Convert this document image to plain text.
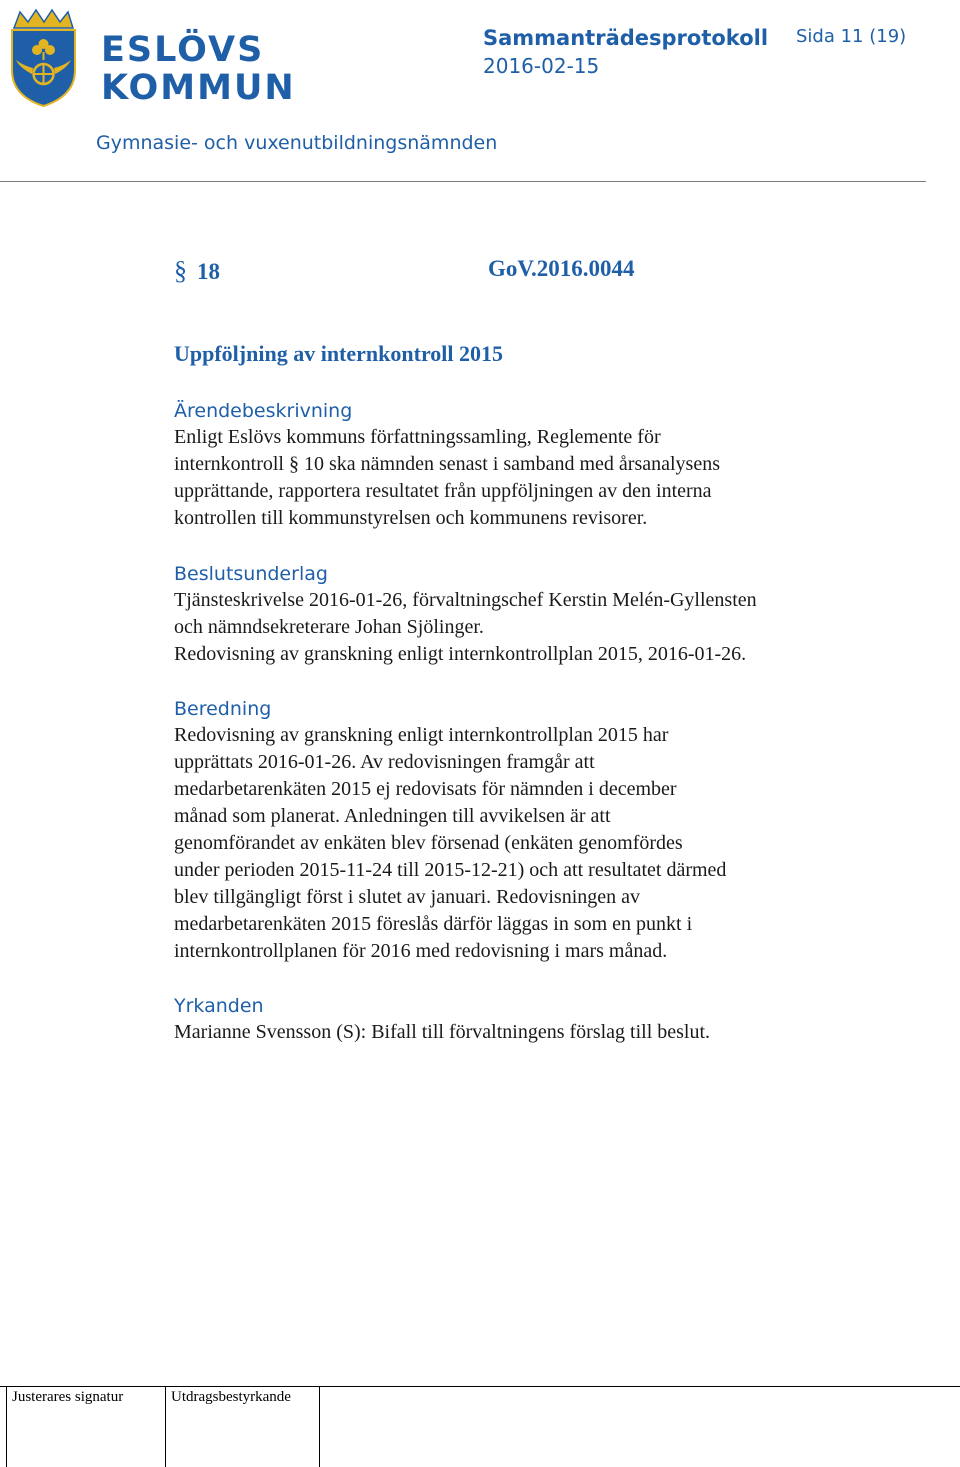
ESLÖVS
KOMMUN
Sammanträdesprotokoll
2016-02-15
Sida 11 (19)
Gymnasie- och vuxenutbildningsnämnden
§ 18	GoV.2016.0044
Uppföljning av internkontroll 2015
Ärendebeskrivning
Enligt Eslövs kommuns författningssamling, Reglemente för
internkontroll § 10 ska nämnden senast i samband med årsanalysens
upprättande, rapportera resultatet från uppföljningen av den interna
kontrollen till kommunstyrelsen och kommunens revisorer.
Beslutsunderlag
Tjänsteskrivelse 2016-01-26, förvaltningschef Kerstin Melén-Gyllensten
och nämndsekreterare Johan Sjölinger.
Redovisning av granskning enligt internkontrollplan 2015, 2016-01-26.
Beredning
Redovisning av granskning enligt internkontrollplan 2015 har
upprättats 2016-01-26. Av redovisningen framgår att
medarbetarenkäten 2015 ej redovisats för nämnden i december
månad som planerat. Anledningen till avvikelsen är att
genomförandet av enkäten blev försenad (enkäten genomfördes
under perioden 2015-11-24 till 2015-12-21) och att resultatet därmed
blev tillgängligt först i slutet av januari. Redovisningen av
medarbetarenkäten 2015 föreslås därför läggas in som en punkt i
internkontrollplanen för 2016 med redovisning i mars månad.
Yrkanden
Marianne Svensson (S): Bifall till förvaltningens förslag till beslut.
Justerares signatur	Utdragsbestyrkande
